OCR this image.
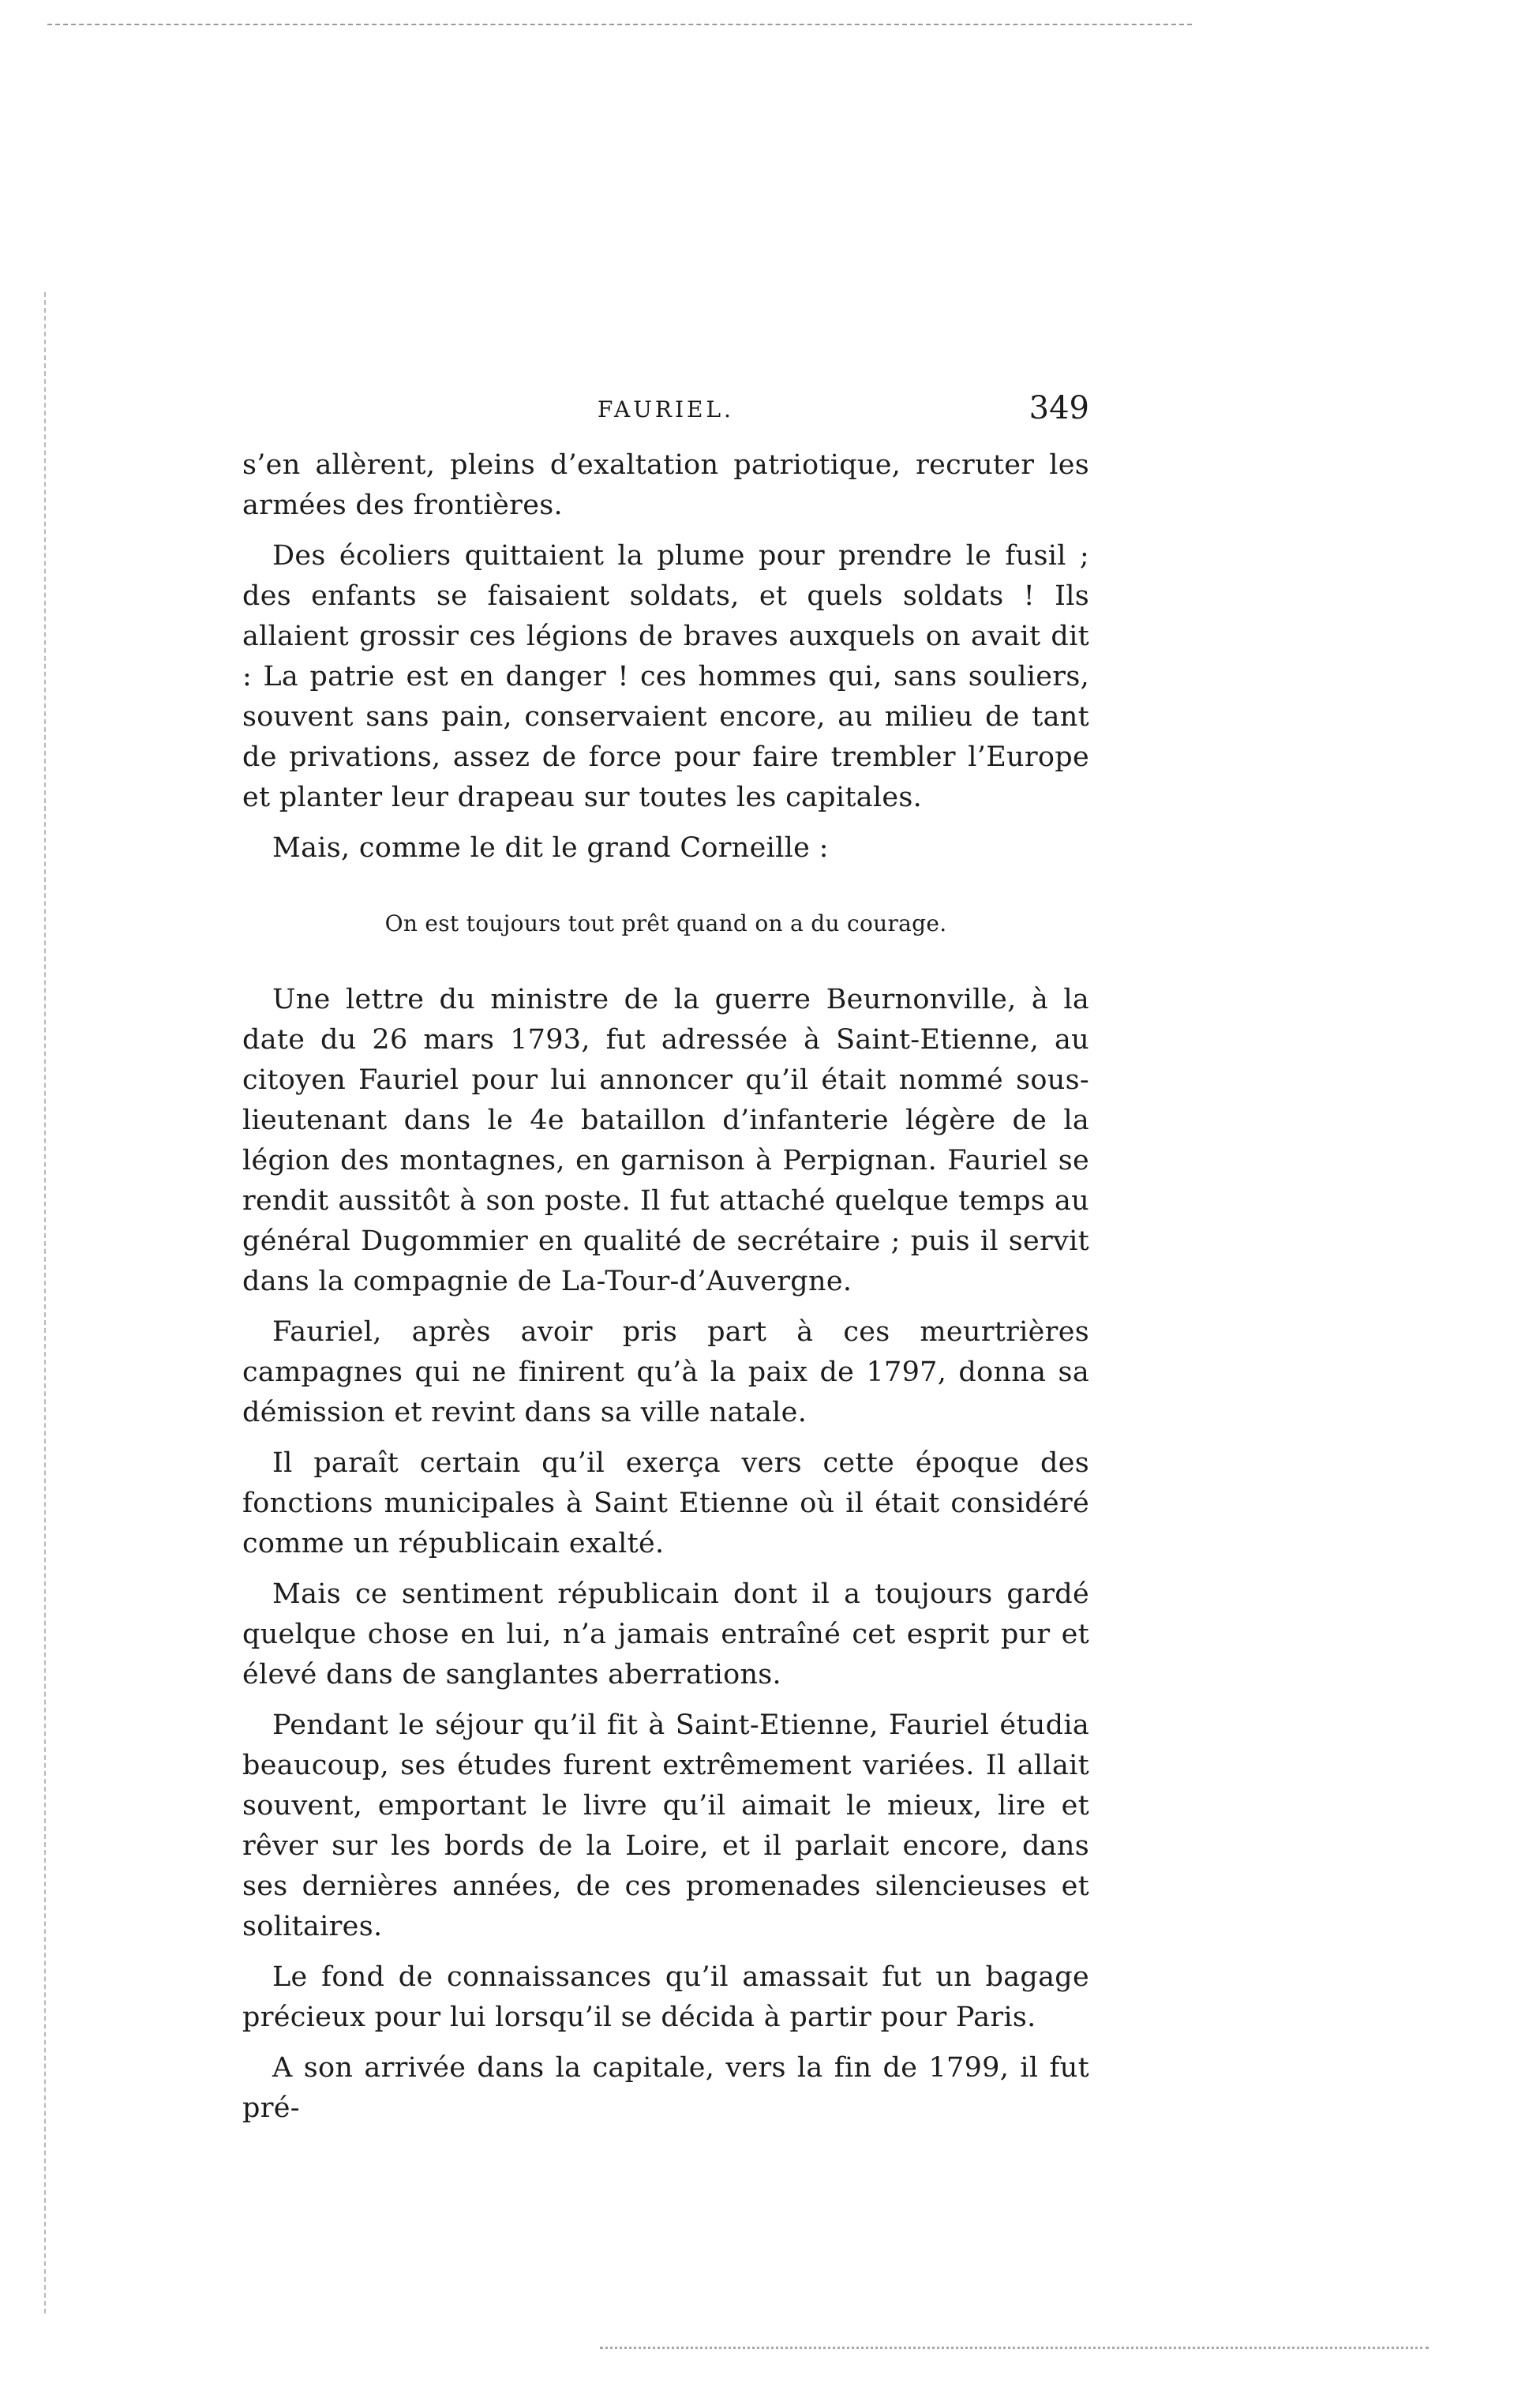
FAURIEL.	349

s’en allèrent, pleins d’exaltation patriotique, recruter les armées des frontières.

Des écoliers quittaient la plume pour prendre le fusil ; des enfants se faisaient soldats, et quels soldats ! Ils allaient grossir ces légions de braves auxquels on avait dit : La patrie est en danger ! ces hommes qui, sans souliers, souvent sans pain, conservaient encore, au milieu de tant de privations, assez de force pour faire trembler l’Europe et planter leur drapeau sur toutes les capitales.

Mais, comme le dit le grand Corneille :

On est toujours tout prêt quand on a du courage.

Une lettre du ministre de la guerre Beurnonville, à la date du 26 mars 1793, fut adressée à Saint-Etienne, au citoyen Fauriel pour lui annoncer qu’il était nommé sous-lieutenant dans le 4e bataillon d’infanterie légère de la légion des montagnes, en garnison à Perpignan. Fauriel se rendit aussitôt à son poste. Il fut attaché quelque temps au général Dugommier en qualité de secrétaire ; puis il servit dans la compagnie de La-Tour-d’Auvergne.

Fauriel, après avoir pris part à ces meurtrières campagnes qui ne finirent qu’à la paix de 1797, donna sa démission et revint dans sa ville natale.

Il paraît certain qu’il exerça vers cette époque des fonctions municipales à Saint Etienne où il était considéré comme un républicain exalté.

Mais ce sentiment républicain dont il a toujours gardé quelque chose en lui, n’a jamais entraîné cet esprit pur et élevé dans de sanglantes aberrations.

Pendant le séjour qu’il fit à Saint-Etienne, Fauriel étudia beaucoup, ses études furent extrêmement variées. Il allait souvent, emportant le livre qu’il aimait le mieux, lire et rêver sur les bords de la Loire, et il parlait encore, dans ses dernières années, de ces promenades silencieuses et solitaires.

Le fond de connaissances qu’il amassait fut un bagage précieux pour lui lorsqu’il se décida à partir pour Paris.

A son arrivée dans la capitale, vers la fin de 1799, il fut pré-
